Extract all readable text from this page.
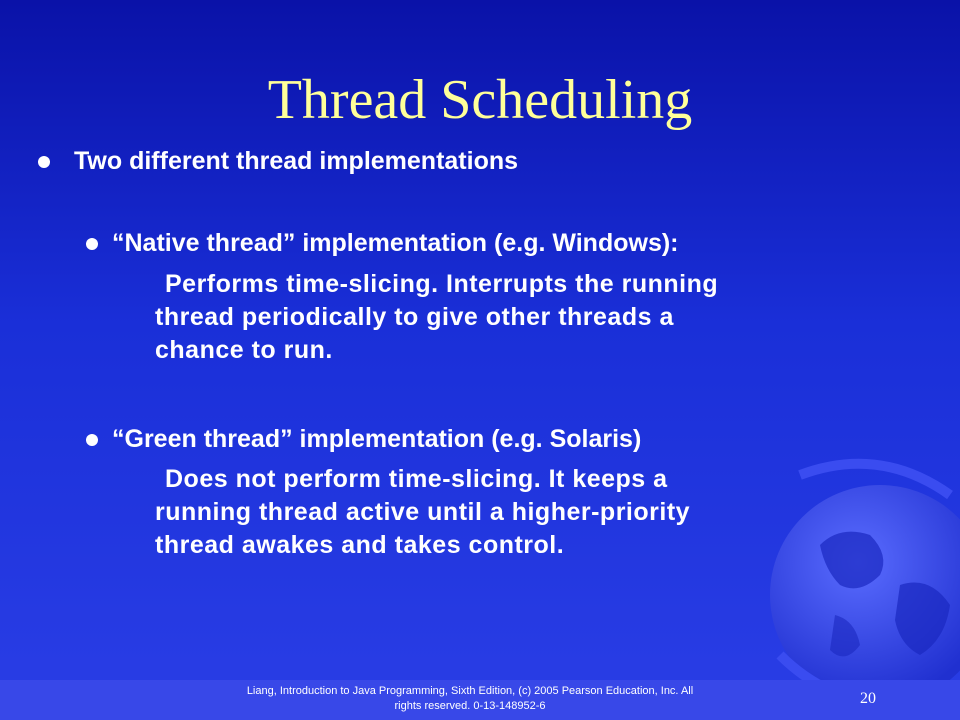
Thread Scheduling
Two different thread implementations
“Native thread” implementation (e.g. Windows):
Performs time-slicing. Interrupts the running
thread periodically to give other threads a
chance to run.
“Green thread” implementation (e.g. Solaris)
Does not perform time-slicing. It keeps a
running thread active until a higher-priority
thread awakes and takes control.
Liang, Introduction to Java Programming, Sixth Edition, (c) 2005 Pearson Education, Inc. All
rights reserved. 0-13-148952-6	20
